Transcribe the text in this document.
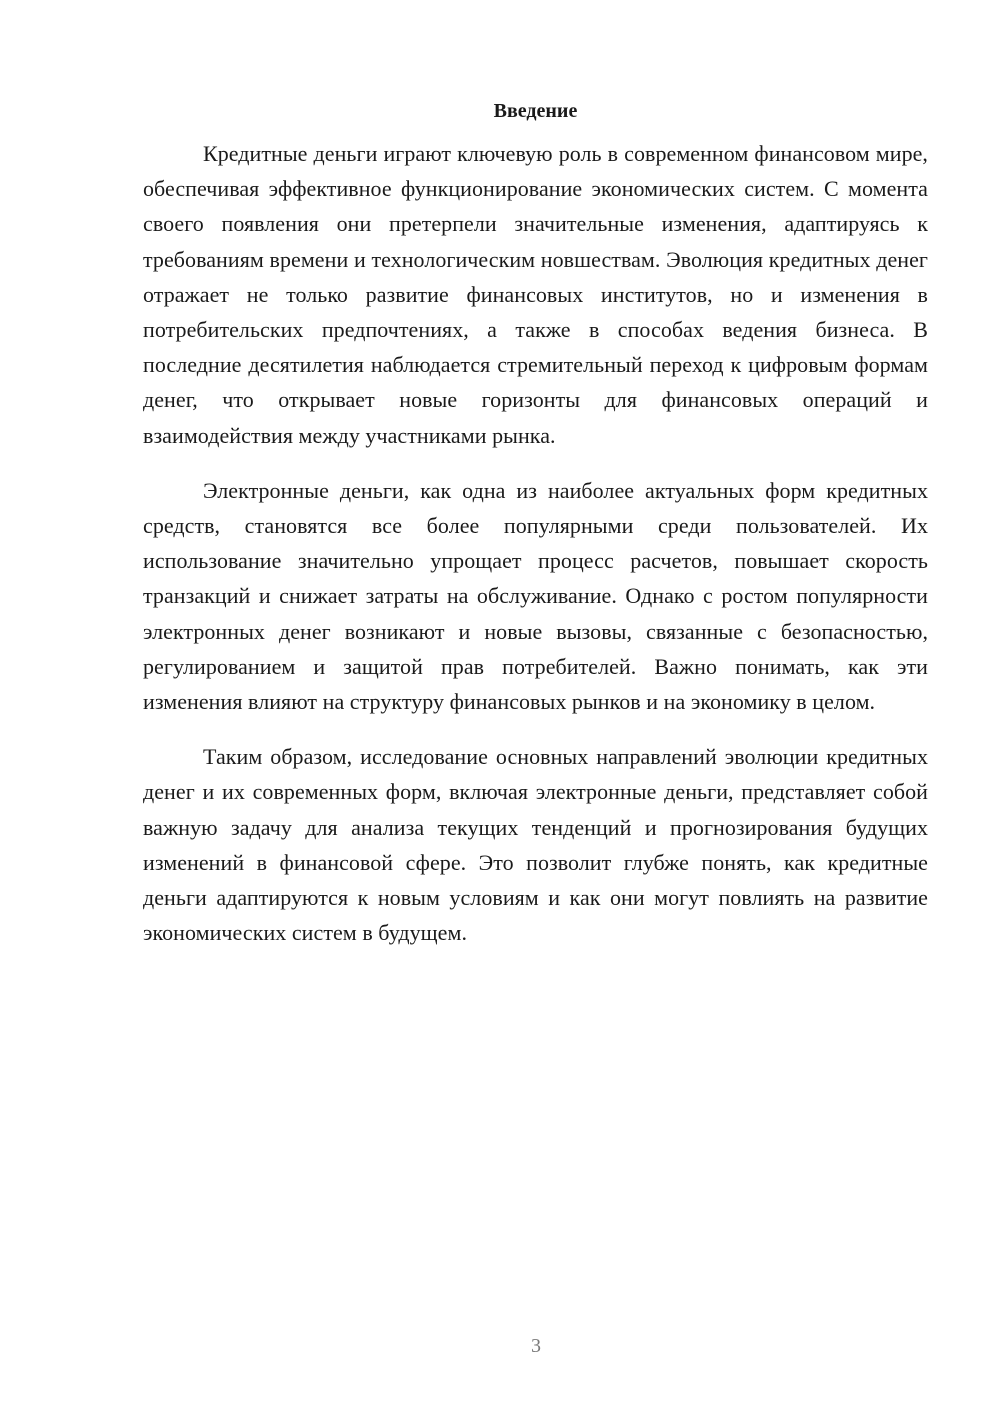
Введение

Кредитные деньги играют ключевую роль в современном финансовом мире, обеспечивая эффективное функционирование экономических систем. С момента своего появления они претерпели значительные изменения, адаптируясь к требованиям времени и технологическим новшествам. Эволюция кредитных денег отражает не только развитие финансовых институтов, но и изменения в потребительских предпочтениях, а также в способах ведения бизнеса. В последние десятилетия наблюдается стремительный переход к цифровым формам денег, что открывает новые горизонты для финансовых операций и взаимодействия между участниками рынка.

Электронные деньги, как одна из наиболее актуальных форм кредитных средств, становятся все более популярными среди пользователей. Их использование значительно упрощает процесс расчетов, повышает скорость транзакций и снижает затраты на обслуживание. Однако с ростом популярности электронных денег возникают и новые вызовы, связанные с безопасностью, регулированием и защитой прав потребителей. Важно понимать, как эти изменения влияют на структуру финансовых рынков и на экономику в целом.

Таким образом, исследование основных направлений эволюции кредитных денег и их современных форм, включая электронные деньги, представляет собой важную задачу для анализа текущих тенденций и прогнозирования будущих изменений в финансовой сфере. Это позволит глубже понять, как кредитные деньги адаптируются к новым условиям и как они могут повлиять на развитие экономических систем в будущем.

3
